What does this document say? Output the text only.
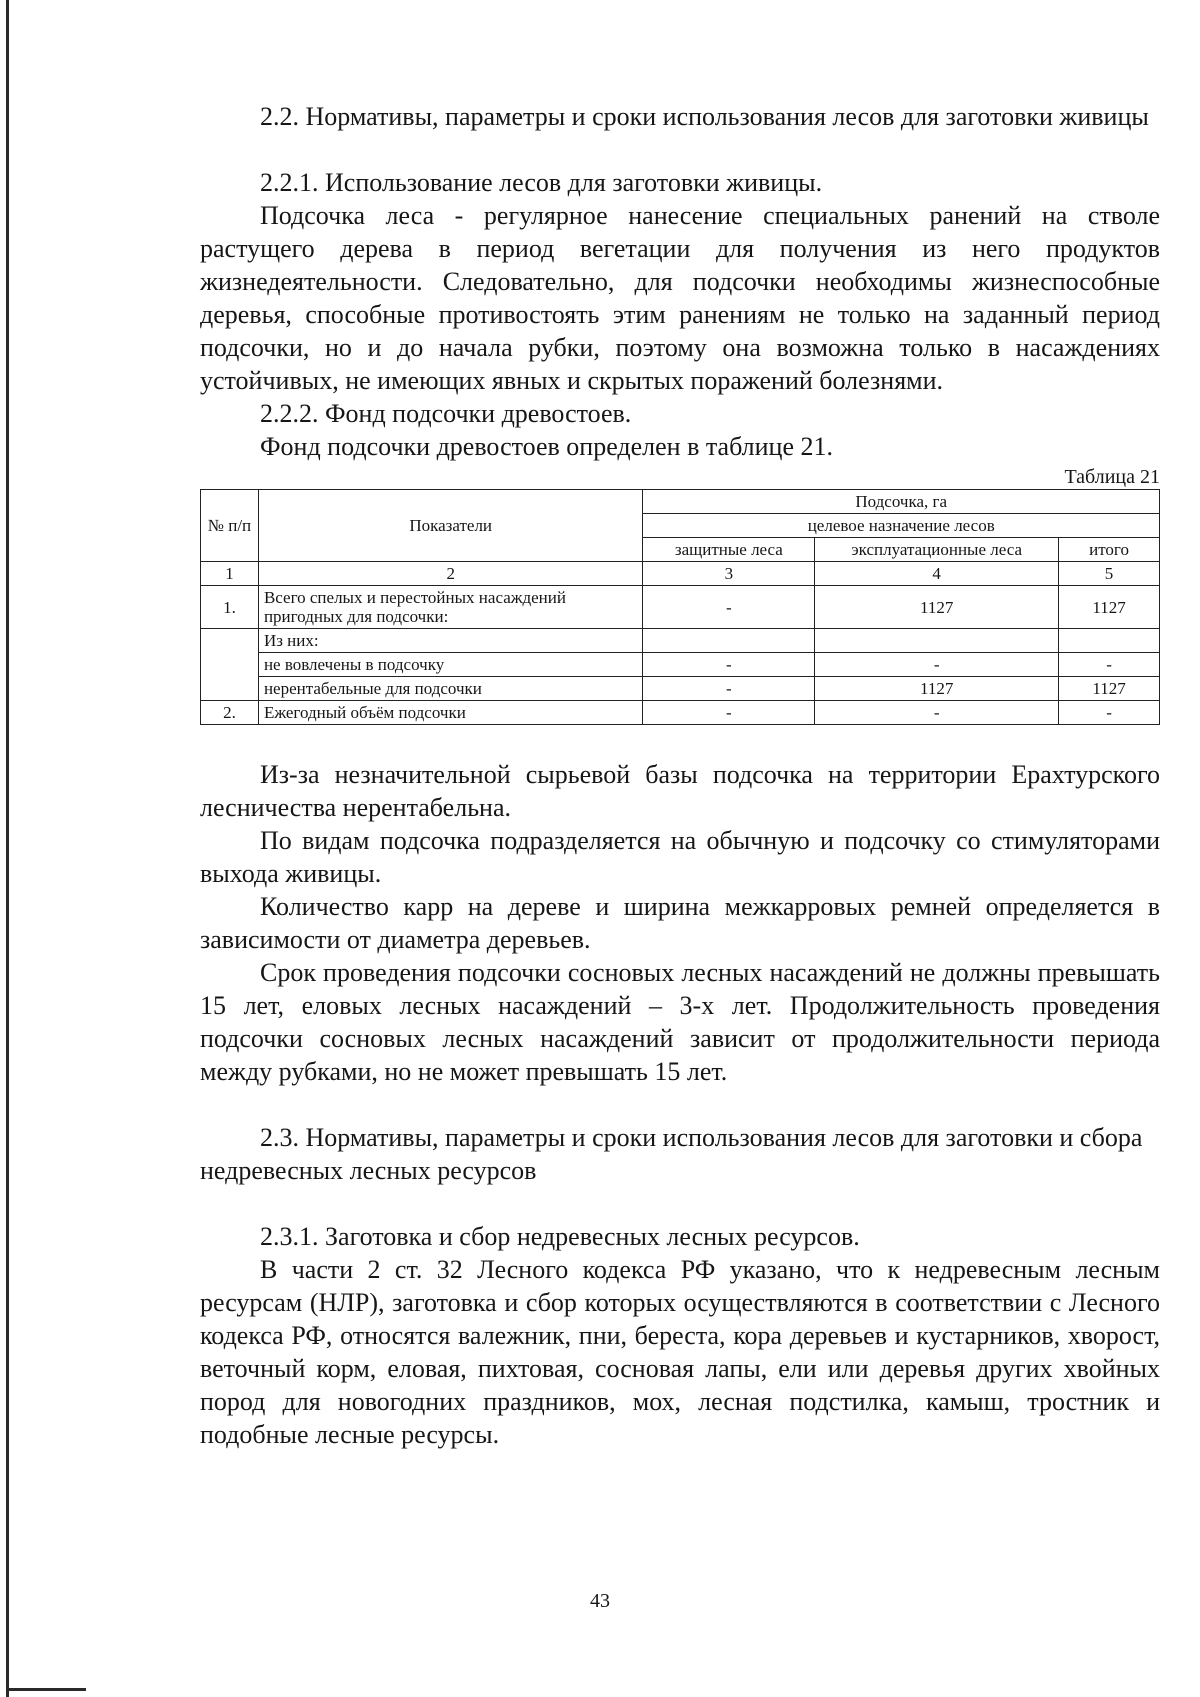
2.2. Нормативы, параметры и сроки использования лесов для заготовки живицы

2.2.1. Использование лесов для заготовки живицы.

Подсочка леса - регулярное нанесение специальных ранений на стволе растущего дерева в период вегетации для получения из него продуктов жизнедеятельности. Следовательно, для подсочки необходимы жизнеспособные деревья, способные противостоять этим ранениям не только на заданный период подсочки, но и до начала рубки, поэтому она возможна только в насаждениях устойчивых, не имеющих явных и скрытых поражений болезнями.

2.2.2. Фонд подсочки древостоев.

Фонд подсочки древостоев определен в таблице 21.

Таблица 21
№ п/п	Показатели	Подсочка, га		
		целевое назначение лесов		
		защитные леса	эксплуатационные леса	итого
1	2	3	4	5
1.	Всего спелых и перестойных насаждений пригодных для подсочки:	-	1127	1127
	Из них:			
	не вовлечены в подсочку	-	-	-
	нерентабельные для подсочки	-	1127	1127
2.	Ежегодный объём подсочки	-	-	-

Из-за незначительной сырьевой базы подсочка на территории Ерахтурского лесничества нерентабельна.

По видам подсочка подразделяется на обычную и подсочку со стимуляторами выхода живицы.

Количество карр на дереве и ширина межкарровых ремней определяется в зависимости от диаметра деревьев.

Срок проведения подсочки сосновых лесных насаждений не должны превышать 15 лет, еловых лесных насаждений – 3-х лет. Продолжительность проведения подсочки сосновых лесных насаждений зависит от продолжительности периода между рубками, но не может превышать 15 лет.

2.3. Нормативы, параметры и сроки использования лесов для заготовки и сбора недревесных лесных ресурсов

2.3.1. Заготовка и сбор недревесных лесных ресурсов.

В части 2 ст. 32 Лесного кодекса РФ указано, что к недревесным лесным ресурсам (НЛР), заготовка и сбор которых осуществляются в соответствии с Лесного кодекса РФ, относятся валежник, пни, береста, кора деревьев и кустарников, хворост, веточный корм, еловая, пихтовая, сосновая лапы, ели или деревья других хвойных пород для новогодних праздников, мох, лесная подстилка, камыш, тростник и подобные лесные ресурсы.

43
